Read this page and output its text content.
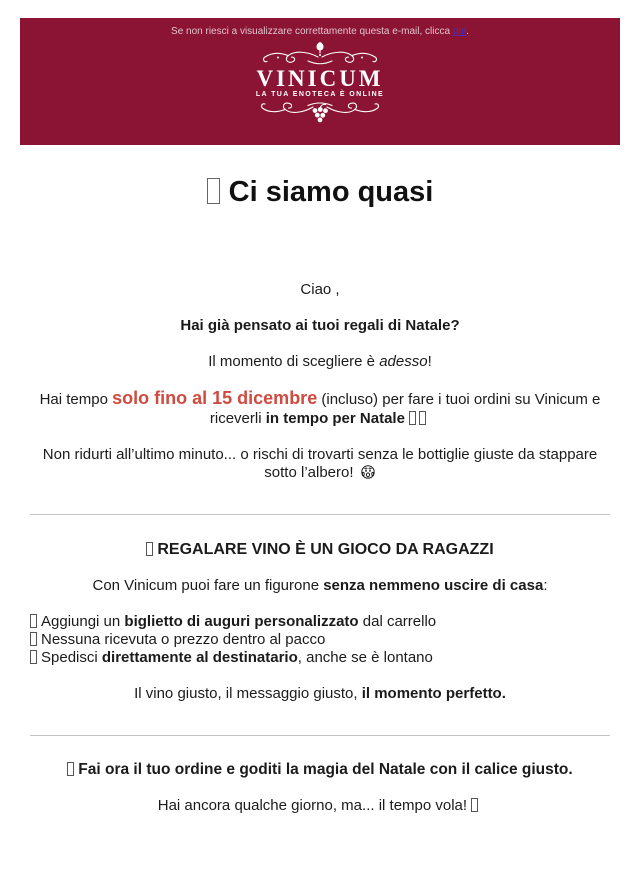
Se non riesci a visualizzare correttamente questa e-mail, clicca qui.

VINICUM
LA TUA ENOTECA È ONLINE
Ci siamo quasi

Ciao ,

Hai già pensato ai tuoi regali di Natale?

Il momento di scegliere è adesso!

Hai tempo solo fino al 15 dicembre (incluso) per fare i tuoi ordini su Vinicum e riceverli in tempo per Natale

Non ridurti all’ultimo minuto... o rischi di trovarti senza le bottiglie giuste da stappare sotto l’albero!

REGALARE VINO È UN GIOCO DA RAGAZZI

Con Vinicum puoi fare un figurone senza nemmeno uscire di casa:

Aggiungi un biglietto di auguri personalizzato dal carrello
Nessuna ricevuta o prezzo dentro al pacco
Spedisci direttamente al destinatario, anche se è lontano

Il vino giusto, il messaggio giusto, il momento perfetto.

Fai ora il tuo ordine e goditi la magia del Natale con il calice giusto.

Hai ancora qualche giorno, ma... il tempo vola!
